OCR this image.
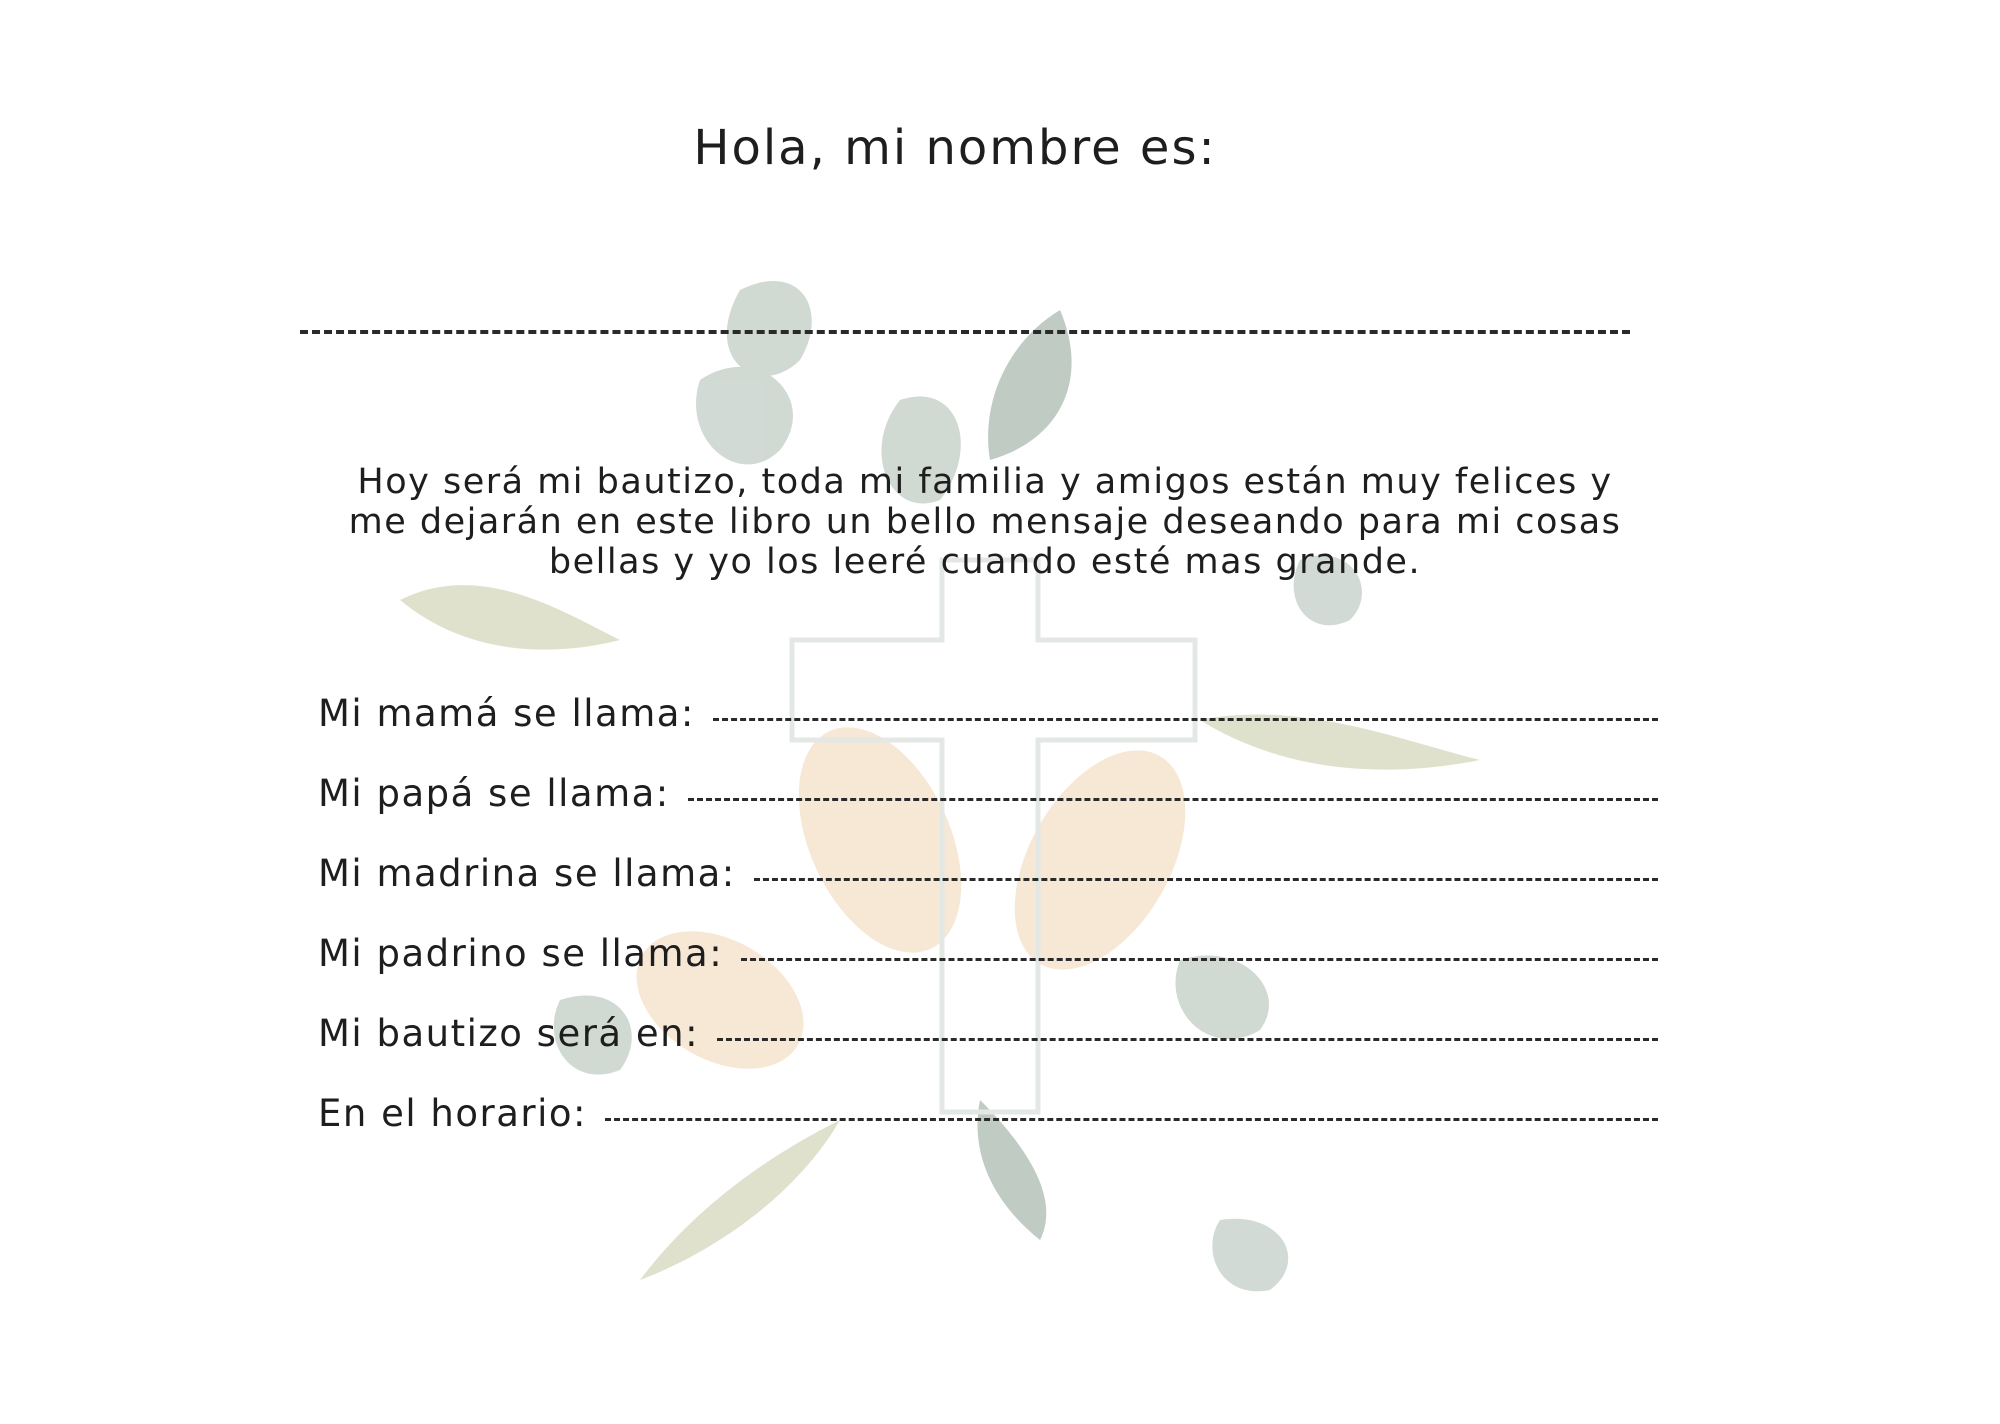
Hola, mi nombre es:
Hoy será mi bautizo, toda mi familia y amigos están muy felices y
me dejarán en este libro un bello mensaje deseando para mi cosas
bellas y yo los leeré cuando esté mas grande.
Mi mamá se llama:
Mi papá se llama:
Mi madrina se llama:
Mi padrino se llama:
Mi bautizo será en:
En el horario:
